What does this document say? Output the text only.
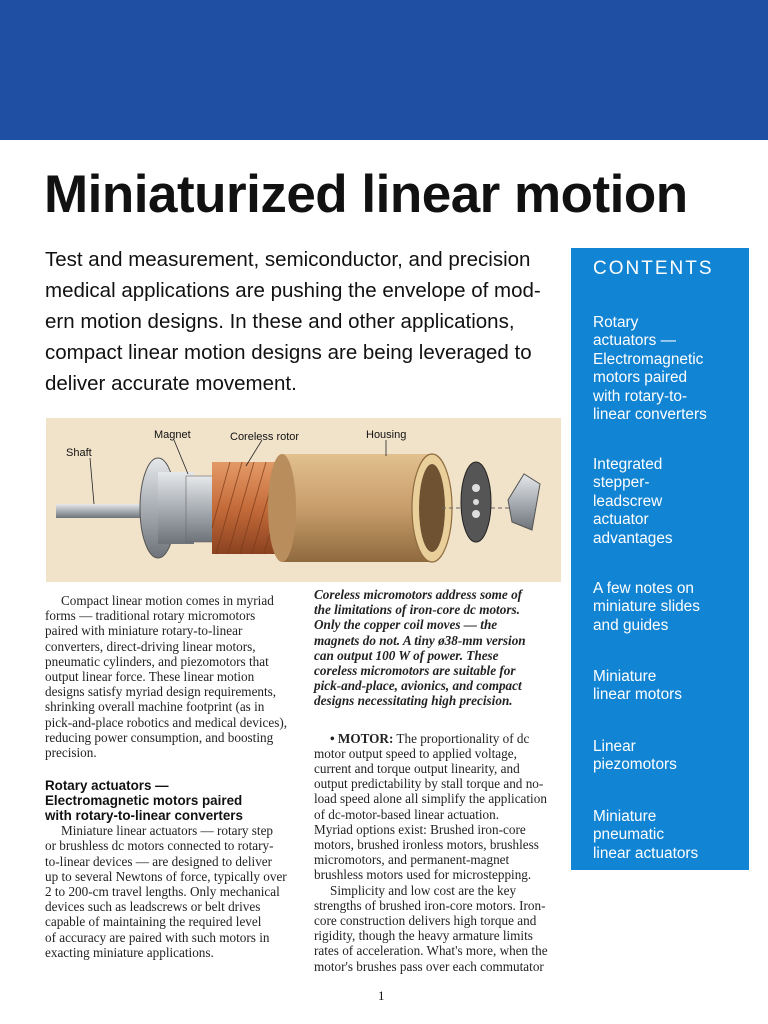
Miniaturized linear motion
Test and measurement, semiconductor, and precision
medical applications are pushing the envelope of mod-
ern motion designs. In these and other applications,
compact linear motion designs are being leveraged to
deliver accurate movement.
Shaft
Magnet	Coreless rotor	Housing
Compact linear motion comes in myriad
forms — traditional rotary micromotors
paired with miniature rotary-to-linear
converters, direct-driving linear motors,
pneumatic cylinders, and piezomotors that
output linear force. These linear motion
designs satisfy myriad design requirements,
shrinking overall machine footprint (as in
pick-and-place robotics and medical devices),
reducing power consumption, and boosting
precision.
Rotary actuators —
Electromagnetic motors paired
with rotary-to-linear converters
Miniature linear actuators — rotary step
or brushless dc motors connected to rotary-
to-linear devices — are designed to deliver
up to several Newtons of force, typically over
2 to 200-cm travel lengths. Only mechanical
devices such as leadscrews or belt drives
capable of maintaining the required level
of accuracy are paired with such motors in
exacting miniature applications.
Coreless micromotors address some of
the limitations of iron-core dc motors.
Only the copper coil moves — the
magnets do not. A tiny ø38-mm version
can output 100 W of power. These
coreless micromotors are suitable for
pick-and-place, avionics, and compact
designs necessitating high precision.
• MOTOR: The proportionality of dc
motor output speed to applied voltage,
current and torque output linearity, and
output predictability by stall torque and no-
load speed alone all simplify the application
of dc-motor-based linear actuation.
Myriad options exist: Brushed iron-core
motors, brushed ironless motors, brushless
micromotors, and permanent-magnet
brushless motors used for microstepping.
Simplicity and low cost are the key
strengths of brushed iron-core motors. Iron-
core construction delivers high torque and
rigidity, though the heavy armature limits
rates of acceleration. What's more, when the
motor's brushes pass over each commutator
CONTENTS
Rotary
actuators —
Electromagnetic
motors paired
with rotary-to-
linear converters
Integrated
stepper-
leadscrew
actuator
advantages
A few notes on
miniature slides
and guides
Miniature
linear motors
Linear
piezomotors
Miniature
pneumatic
linear actuators
1
